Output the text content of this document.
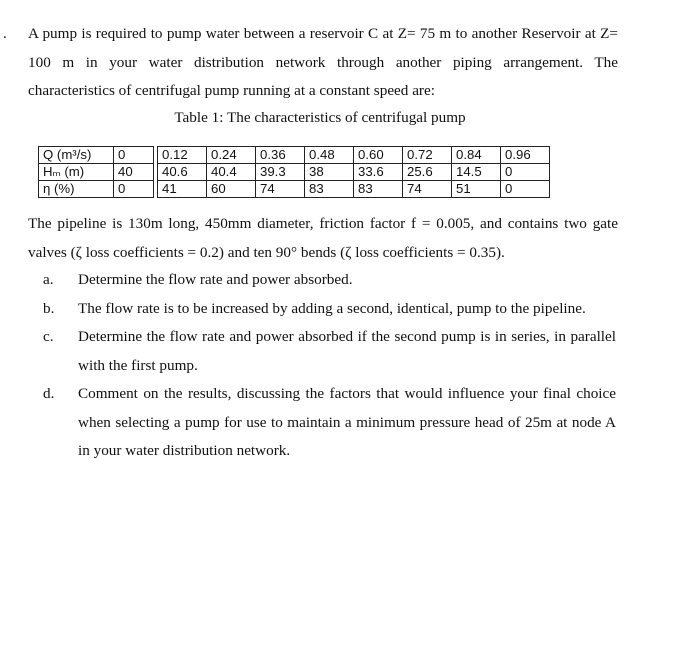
. A pump is required to pump water between a reservoir C at Z= 75 m to another Reservoir at Z= 100 m in your water distribution network through another piping arrangement. The characteristics of centrifugal pump running at a constant speed are:
Table 1: The characteristics of centrifugal pump
Q (m³/s)	0		0.12	0.24	0.36	0.48	0.60	0.72	0.84	0.96
Hₘ (m)	40		40.6	40.4	39.3	38	33.6	25.6	14.5	0
η (%)	0		41	60	74	83	83	74	51	0
The pipeline is 130m long, 450mm diameter, friction factor f = 0.005, and contains two gate valves (ζ loss coefficients = 0.2) and ten 90° bends (ζ loss coefficients = 0.35).
a. Determine the flow rate and power absorbed.
b. The flow rate is to be increased by adding a second, identical, pump to the pipeline.
c. Determine the flow rate and power absorbed if the second pump is in series, in parallel with the first pump.
d. Comment on the results, discussing the factors that would influence your final choice when selecting a pump for use to maintain a minimum pressure head of 25m at node A in your water distribution network.
